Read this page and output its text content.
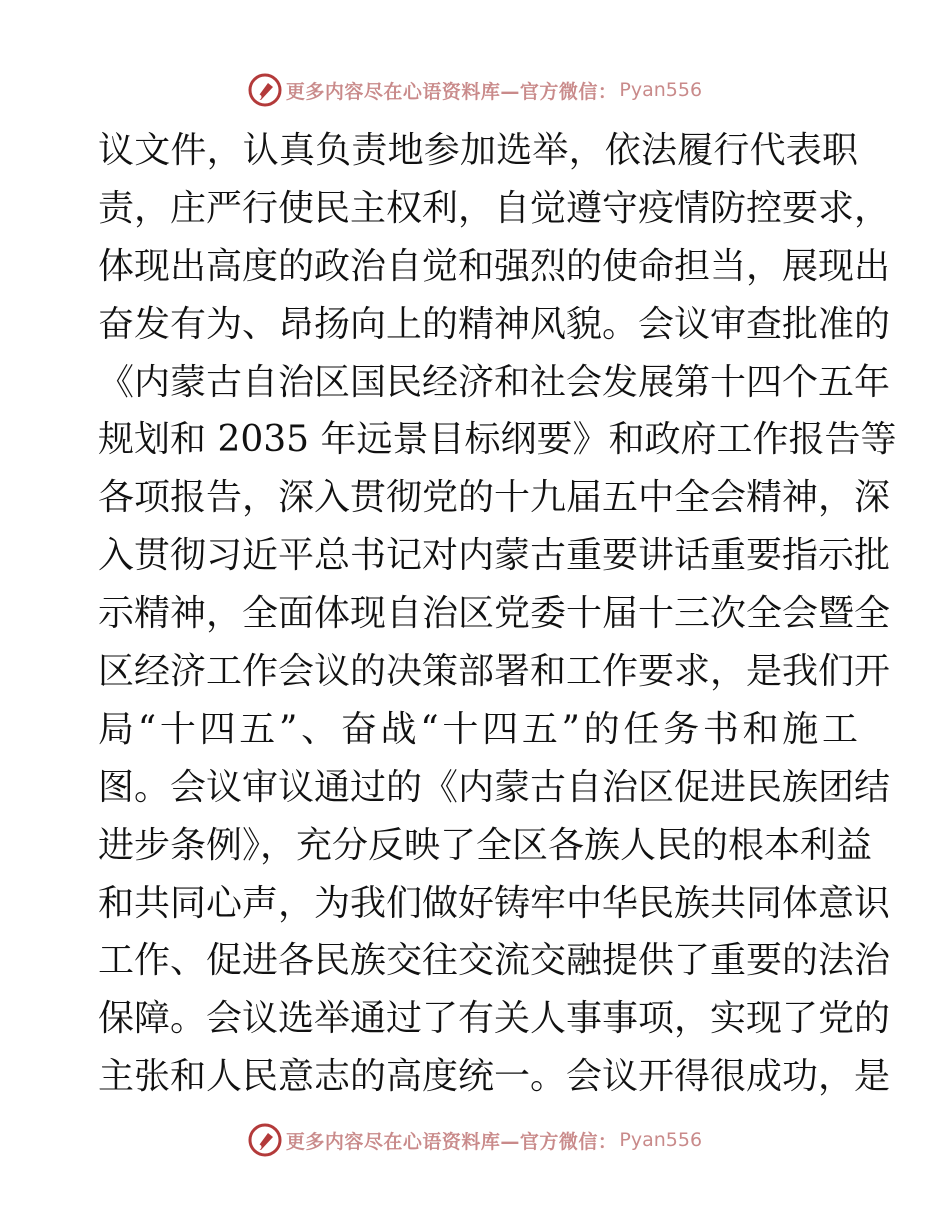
更多内容尽在心语资料库—官方微信： Pyan556
议文件，认真负责地参加选举，依法履行代表职
责，庄严行使民主权利，自觉遵守疫情防控要求，
体现出高度的政治自觉和强烈的使命担当，展现出
奋发有为、昂扬向上的精神风貌。会议审查批准的
《内蒙古自治区国民经济和社会发展第十四个五年
规划和 2035 年远景目标纲要》和政府工作报告等
各项报告，深入贯彻党的十九届五中全会精神，深
入贯彻习近平总书记对内蒙古重要讲话重要指示批
示精神，全面体现自治区党委十届十三次全会暨全
区经济工作会议的决策部署和工作要求，是我们开
局“十四五”、奋战“十四五”的任务书和施工
图。会议审议通过的《内蒙古自治区促进民族团结
进步条例》，充分反映了全区各族人民的根本利益
和共同心声，为我们做好铸牢中华民族共同体意识
工作、促进各民族交往交流交融提供了重要的法治
保障。会议选举通过了有关人事事项，实现了党的
主张和人民意志的高度统一。会议开得很成功，是
更多内容尽在心语资料库—官方微信： Pyan556
